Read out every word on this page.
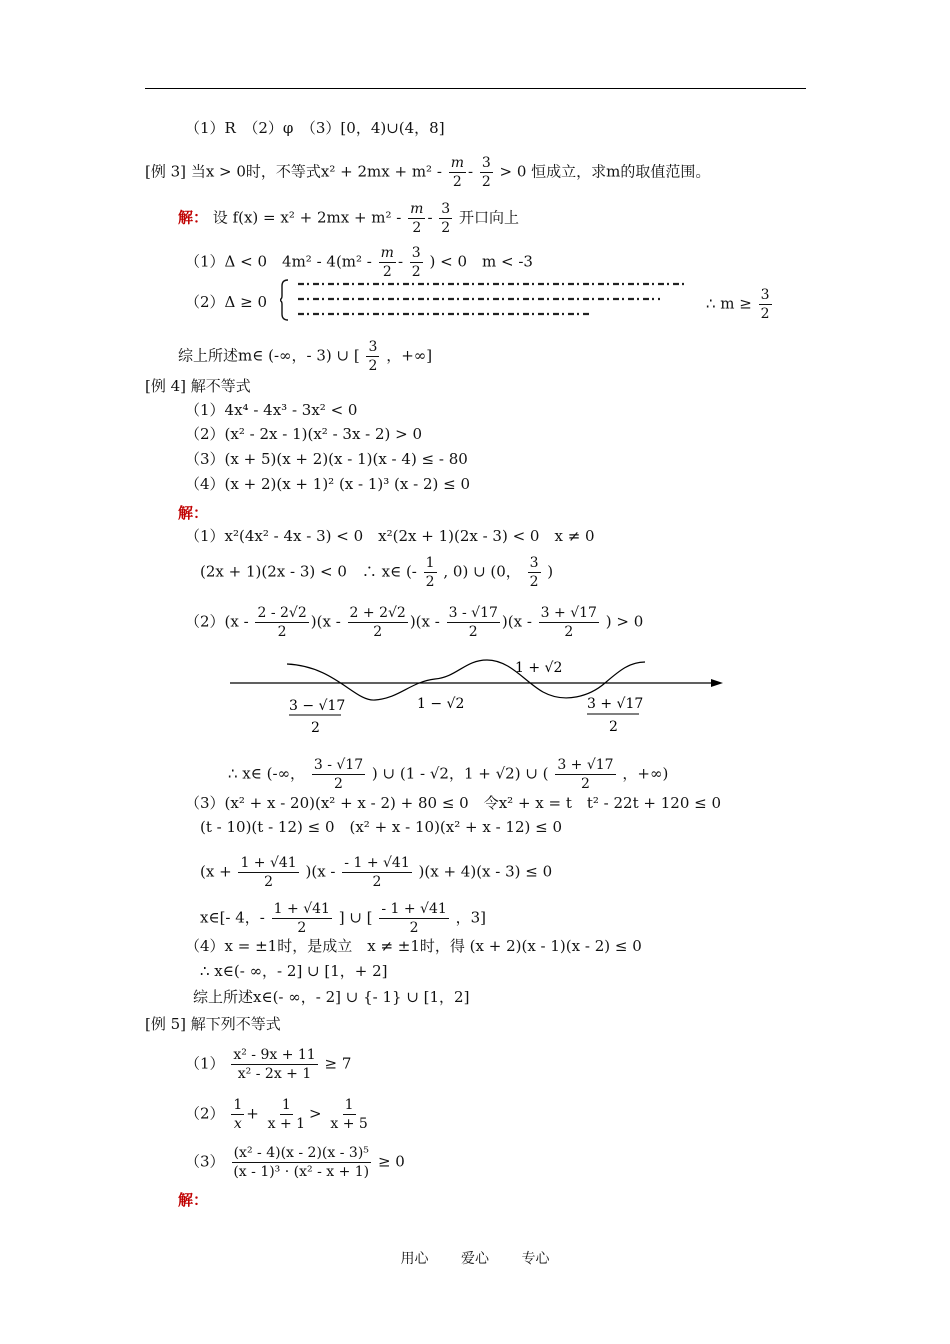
（1）R　（2）φ　（3）[0，4)∪(4，8]
[例 3] 当x > 0时，不等式$x^2 + 2mx + m^2 - \frac{m}{2} - \frac{3}{2} > 0$ 恒成立，求m的取值范围。
解： 设 $f(x) = x^2 + 2mx + m^2 - \frac{m}{2} - \frac{3}{2}$ 开口向上
（1）Δ < 0　$4m^2 - 4(m^2 - \frac{m}{2} - \frac{3}{2}$ ) < 0　m < -3
（2）Δ ≥ 0	∴ $m \ge \frac{3}{2}$
综上所述m∈ (-∞，- 3) ∪ [ $\frac{3}{2}$ ，+∞]
[例 4] 解不等式
（1）4x⁴ - 4x³ - 3x² < 0
（2）(x² - 2x - 1)(x² - 3x - 2) > 0
（3）(x + 5)(x + 2)(x - 1)(x - 4) ≤ - 80
（4）(x + 2)(x + 1)² (x - 1)³ (x - 2) ≤ 0
解：
（1）x²(4x² - 4x - 3) < 0　x²(2x + 1)(2x - 3) < 0　x ≠ 0
(2x + 1)(2x - 3) < 0　∴ x∈ (- $\frac{1}{2}$ , 0) ∪ (0， $\frac{3}{2}$ )
$(2)(x - \frac{2 - 2√2}{2} )(x - \frac{2 + 2√2}{2} )(x - \frac{3 - √17}{2} )(x - \frac{3 + √17}{2}$ ) > 0
3 − √17
2
1 − √2
1 + √2
3 + √17
2
∴ x∈ (-∞， $\frac{3 - √17}{2}$ ) ∪ (1 - √2，1 + √2) ∪ ( $\frac{3 + √17}{2}$ ，+∞)
（3）(x² + x - 20)(x² + x - 2) + 80 ≤ 0　令x² + x = t　t² - 22t + 120 ≤ 0
(t - 10)(t - 12) ≤ 0　(x² + x - 10)(x² + x - 12) ≤ 0
$(x + \frac{1 + √41}{2} )(x - \frac{- 1 + √41}{2} )(x + 4)(x - 3) \le 0$
x∈[- 4，- $\frac{1 + √41}{2}$ ] ∪ [ $\frac{- 1 + √41}{2}$ ，3]
（4）x = ±1时，是成立　x ≠ ±1时，得 (x + 2)(x - 1)(x - 2) ≤ 0
∴ x∈(- ∞，- 2] ∪ [1，+ 2]
综上所述x∈(- ∞，- 2] ∪ {- 1} ∪ [1，2]
[例 5] 解下列不等式
$(1) \frac{\text{x² - 9x + 11}}{\text{x² - 2x + 1}} \ge 7$
$(2) \frac{1}{x} + \frac{1}{x + 1} > \frac{1}{x + 5}$
$(3) \frac{\text{(x² - 4)(x - 2)(x - 3)⁵}}{\text{(x - 1)³ · (x² - x + 1)}} \ge 0$
解：
用心 爱心 专心
